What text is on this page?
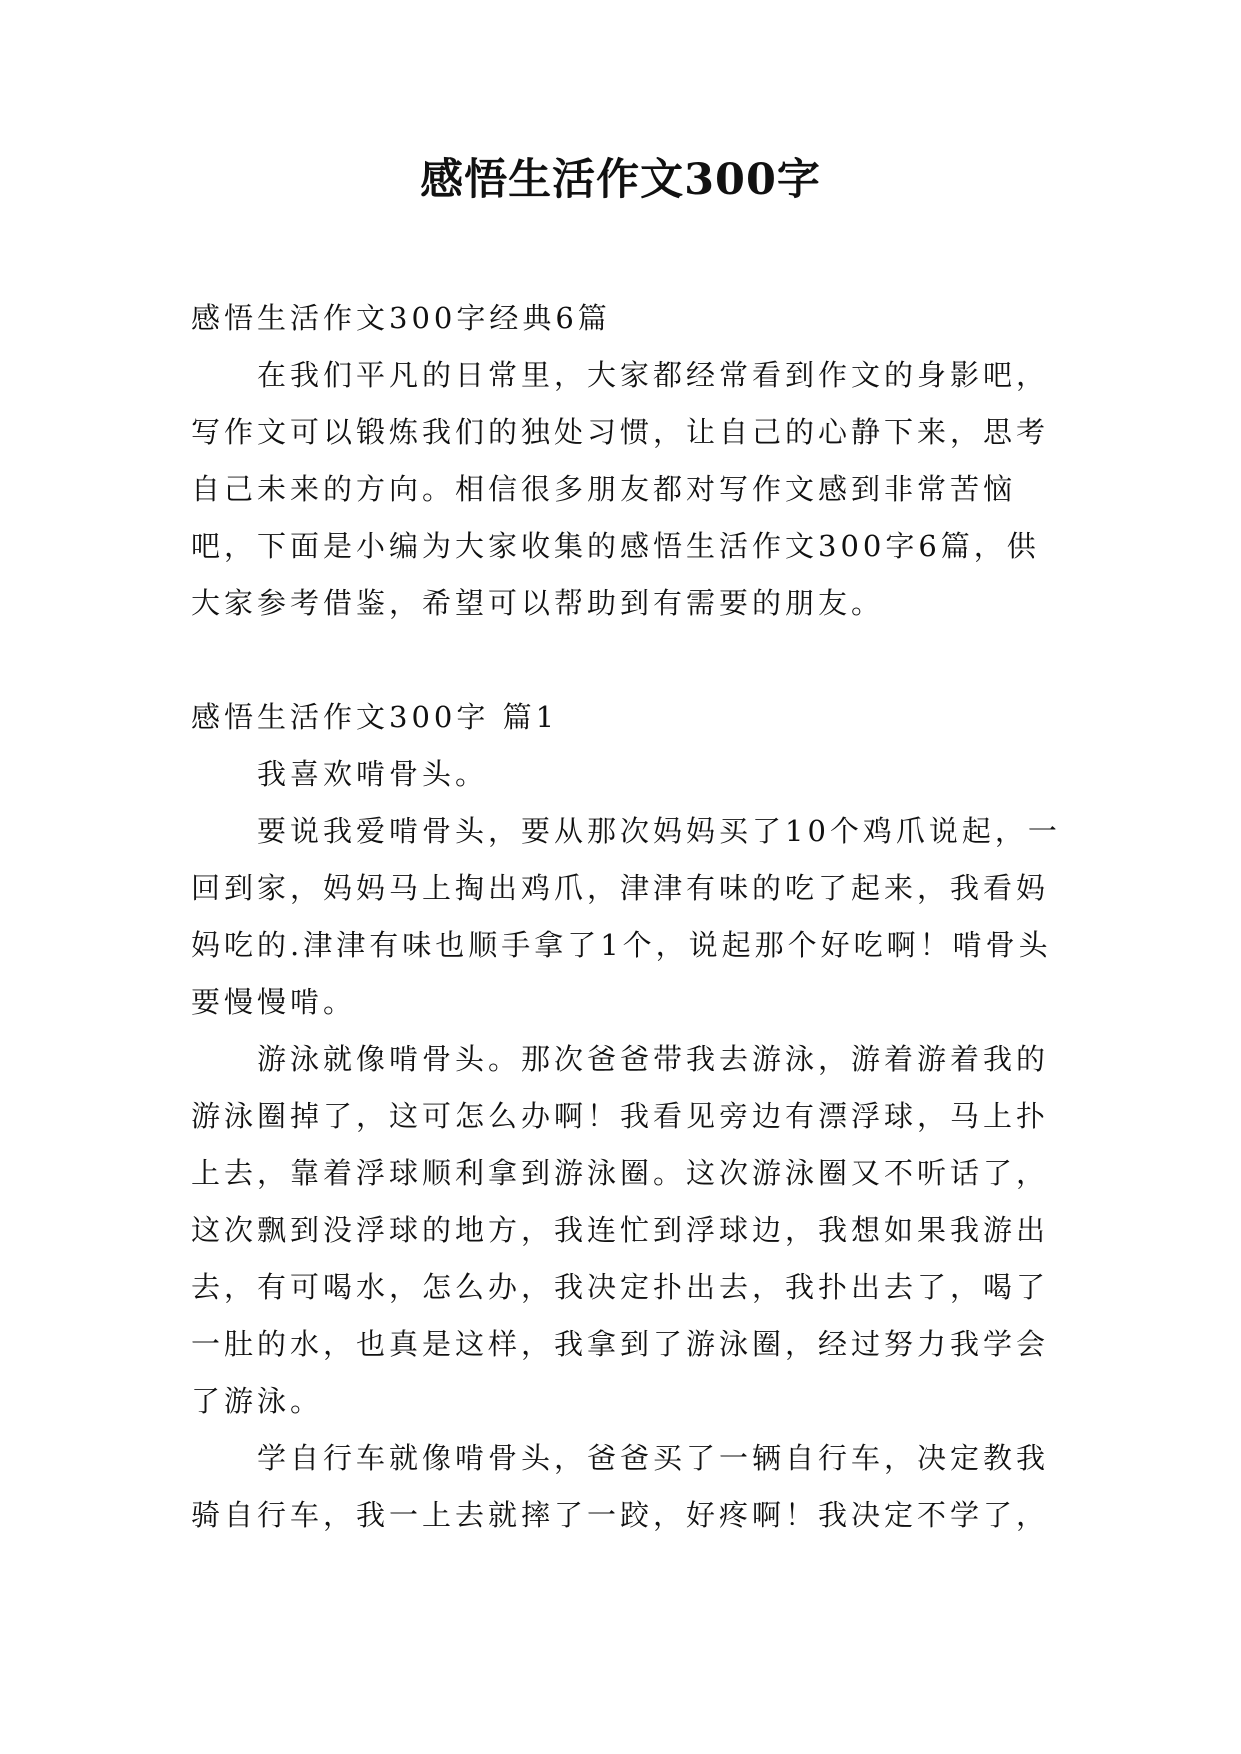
感悟生活作文300字

感悟生活作文300字经典6篇

在我们平凡的日常里，大家都经常看到作文的身影吧，写作文可以锻炼我们的独处习惯，让自己的心静下来，思考自己未来的方向。相信很多朋友都对写作文感到非常苦恼吧，下面是小编为大家收集的感悟生活作文300字6篇，供大家参考借鉴，希望可以帮助到有需要的朋友。

感悟生活作文300字 篇1

我喜欢啃骨头。

要说我爱啃骨头，要从那次妈妈买了10个鸡爪说起，一回到家，妈妈马上掏出鸡爪，津津有味的吃了起来，我看妈妈吃的.津津有味也顺手拿了1个，说起那个好吃啊！啃骨头要慢慢啃。

游泳就像啃骨头。那次爸爸带我去游泳，游着游着我的游泳圈掉了，这可怎么办啊！我看见旁边有漂浮球，马上扑上去，靠着浮球顺利拿到游泳圈。这次游泳圈又不听话了，这次飘到没浮球的地方，我连忙到浮球边，我想如果我游出去，有可喝水，怎么办，我决定扑出去，我扑出去了，喝了一肚的水，也真是这样，我拿到了游泳圈，经过努力我学会了游泳。

学自行车就像啃骨头，爸爸买了一辆自行车，决定教我骑自行车，我一上去就摔了一跤，好疼啊！我决定不学了，
